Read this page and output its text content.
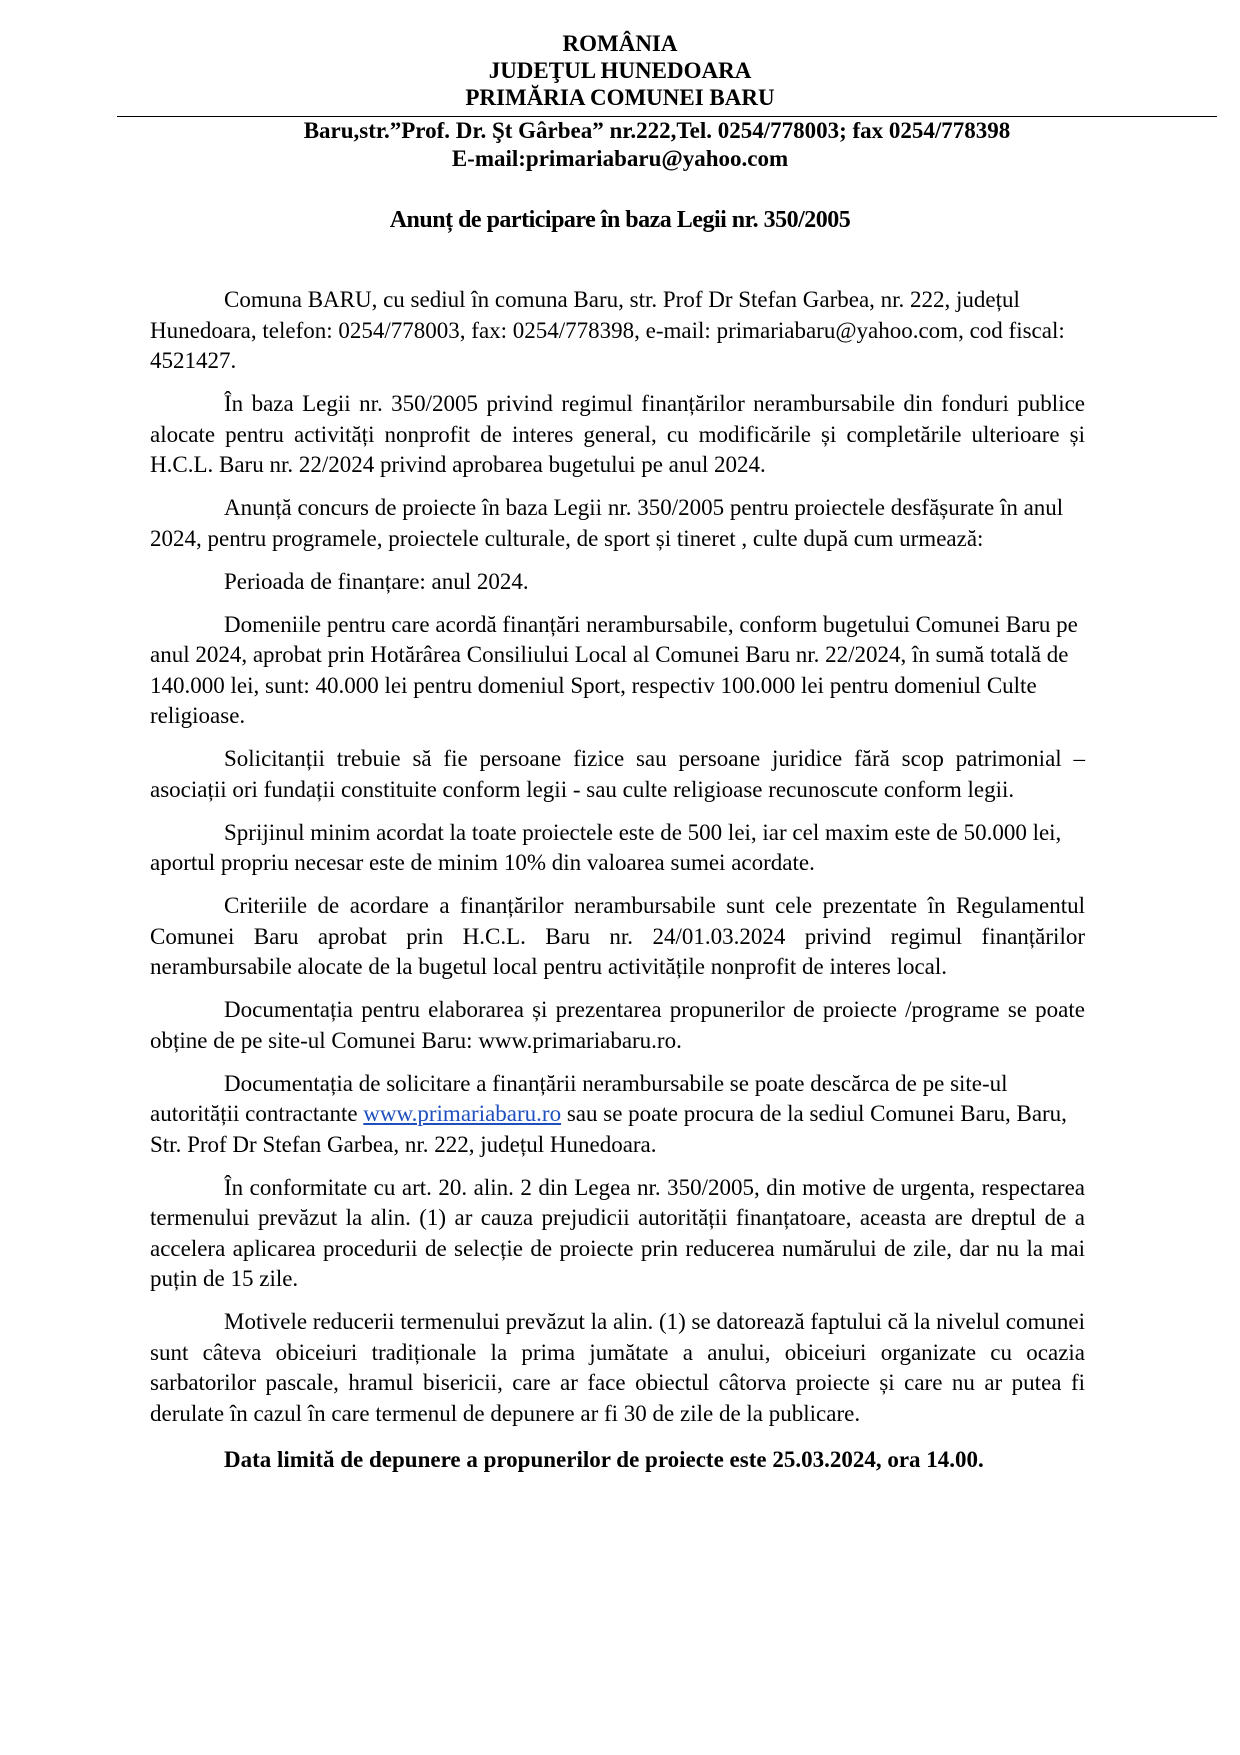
ROMÂNIA
JUDEŢUL HUNEDOARA
PRIMĂRIA COMUNEI BARU
Baru,str.”Prof. Dr. Şt Gârbea” nr.222,Tel. 0254/778003; fax 0254/778398
E-mail:primariabaru@yahoo.com
Anunț de participare în baza Legii nr. 350/2005

Comuna BARU, cu sediul în comuna Baru, str. Prof Dr Stefan Garbea, nr. 222, județul Hunedoara, telefon: 0254/778003, fax: 0254/778398, e-mail: primariabaru@yahoo.com, cod fiscal: 4521427.

În baza Legii nr. 350/2005 privind regimul finanțărilor nerambursabile din fonduri publice alocate pentru activități nonprofit de interes general, cu modificările și completările ulterioare și H.C.L. Baru nr. 22/2024 privind aprobarea bugetului pe anul 2024.

Anunță concurs de proiecte în baza Legii nr. 350/2005 pentru proiectele desfășurate în anul 2024, pentru programele, proiectele culturale, de sport și tineret , culte după cum urmează:

Perioada de finanțare: anul 2024.

Domeniile pentru care acordă finanțări nerambursabile, conform bugetului Comunei Baru pe anul 2024, aprobat prin Hotărârea Consiliului Local al Comunei Baru nr. 22/2024, în sumă totală de 140.000 lei, sunt: 40.000 lei pentru domeniul Sport, respectiv 100.000 lei pentru domeniul Culte religioase.

Solicitanții trebuie să fie persoane fizice sau persoane juridice fără scop patrimonial – asociații ori fundații constituite conform legii - sau culte religioase recunoscute conform legii.

Sprijinul minim acordat la toate proiectele este de 500 lei, iar cel maxim este de 50.000 lei, aportul propriu necesar este de minim 10% din valoarea sumei acordate.

Criteriile de acordare a finanțărilor nerambursabile sunt cele prezentate în Regulamentul Comunei Baru aprobat prin H.C.L. Baru nr. 24/01.03.2024 privind regimul finanțărilor nerambursabile alocate de la bugetul local pentru activitățile nonprofit de interes local.

Documentația pentru elaborarea și prezentarea propunerilor de proiecte /programe se poate obține de pe site-ul Comunei Baru: www.primariabaru.ro.

Documentația de solicitare a finanțării nerambursabile se poate descărca de pe site-ul autorității contractante www.primariabaru.ro sau se poate procura de la sediul Comunei Baru, Baru, Str. Prof Dr Stefan Garbea, nr. 222, județul Hunedoara.

În conformitate cu art. 20. alin. 2 din Legea nr. 350/2005, din motive de urgenta, respectarea termenului prevăzut la alin. (1) ar cauza prejudicii autorității finanțatoare, aceasta are dreptul de a accelera aplicarea procedurii de selecție de proiecte prin reducerea numărului de zile, dar nu la mai puțin de 15 zile.

Motivele reducerii termenului prevăzut la alin. (1) se datorează faptului că la nivelul comunei sunt câteva obiceiuri tradiționale la prima jumătate a anului, obiceiuri organizate cu ocazia sarbatorilor pascale, hramul bisericii, care ar face obiectul câtorva proiecte și care nu ar putea fi derulate în cazul în care termenul de depunere ar fi 30 de zile de la publicare.

Data limită de depunere a propunerilor de proiecte este 25.03.2024, ora 14.00.
